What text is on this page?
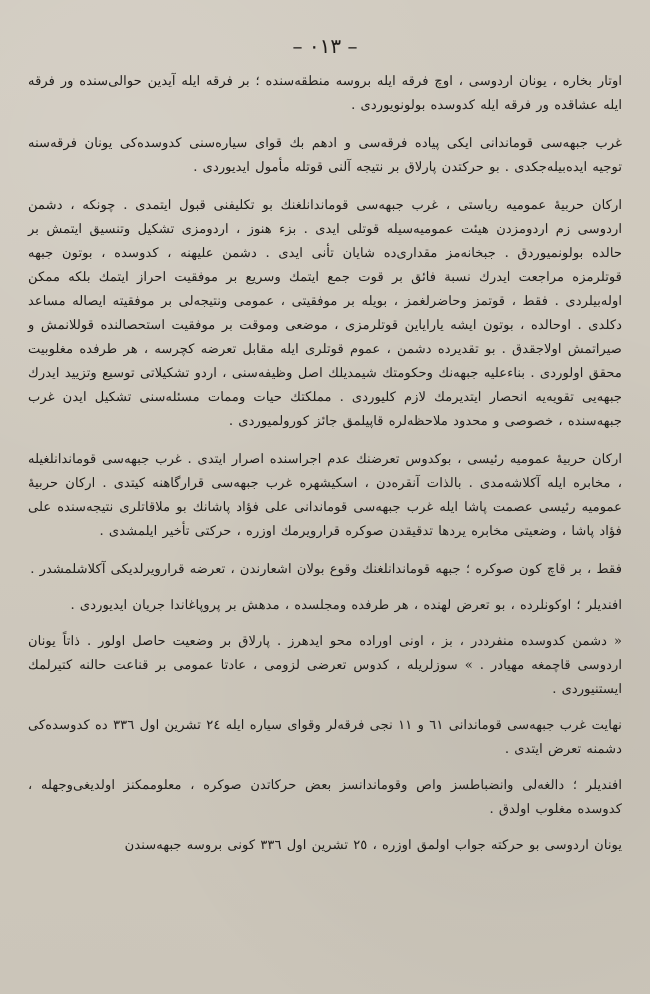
– ٣١٠ –

اوتار بخاره ، يونان اردوسى ، اوچ فرقه ايله بروسه منطقه‌سنده ؛ بر فرقه ايله آيدين حوالى‌سنده ور فرقه ايله عشاقده ور فرقه ايله كدوسده بولونويوردى .

غرب جبهه‌سى قوماندانى ايكى پياده فرقه‌سى و ادهم بك قواى سياره‌سنى كدوسده‌كى يونان فرقه‌سنه توجيه ايده‌بيله‌جكدى . بو حركتدن پارلاق بر نتيجه آلنى قوتله مأمول ايديوردى .

اركان حربيهٔ عموميه رياستى ، غرب جبهه‌سى قوماندانلغنك بو تكليفنى قبول ايتمدى . چونكه ، دشمن اردوسى زم اردومزدن هيئت عموميه‌سيله قوتلى ايدى . بزء هنوز ، اردومزى تشكيل وتنسيق ايتمش بر حالده بولونميوردق . جبخانه‌مز مقدارى‌ده شايان تأنى ايدى . دشمن عليهنه ، كدوسده ، بوتون جبهه قوتلرمزه مراجعت ايدرك نسبة فائق بر قوت جمع ايتمك وسريع بر موفقيت احراز ايتمك بلكه ممكن اوله‌بيلردى . فقط ، قوتمز وحاضرلغمز ، بويله بر موفقيتى ، عمومى ونتيجه‌لى بر موفقيته ايصاله مساعد دكلدى . اوحالده ، بوتون ايشه ياراياين قوتلرمزى ، موضعى وموقت بر موفقيت استحصالنده قوللانمش و صيراتمش اولاجقدق . بو تقديرده دشمن ، عموم قوتلرى ايله مقابل تعرضه كچرسه ، هر طرفده مغلوبيت محقق اولوردى . بناءعليه جبهه‌نك وحكومتك شيمديلك اصل وظيفه‌سنى ، اردو تشكيلاتى توسيع وتزييد ايدرك جبهه‌يى تقويه‌يه انحصار ايتديرمك لازم كليوردى . مملكتك حيات وممات مسئله‌سنى تشكيل ايدن غرب جبهه‌سنده ، خصوصى و محدود ملاحظه‌لره قاپيلمق جائز كورولميوردى .

اركان حربيهٔ عموميه رئيسى ، بوكدوس تعرضنك عدم اجراسنده اصرار ايتدى . غرب جبهه‌سى قوماندانلغيله ، مخابره ايله آكلاشه‌مدى . بالذات آنقره‌دن ، اسكيشهره غرب جبهه‌سى قرارگاهنه كيتدى . اركان حربيهٔ عموميه رئيسى عصمت پاشا ايله غرب جبهه‌سى قوماندانى على فؤاد پاشانك بو ملاقاتلرى نتيجه‌سنده على فؤاد پاشا ، وضعيتى مخابره يردها تدقيقدن صوكره قرارويرمك اوزره ، حركتى تأخير ايلمشدى .

فقط ، بر قاچ كون صوكره ؛ جبهه قوماندانلغنك وقوع بولان اشعارندن ، تعرضه قرارويرلديكى آكلاشلمشدر .

افنديلر ؛ اوكونلرده ، بو تعرض لهنده ، هر طرفده ومجلسده ، مدهش بر پروپاغاندا جريان ايديوردى .

« دشمن كدوسده منفرددر ، بز ، اونى اوراده محو ايدهرز . پارلاق بر وضعيت حاصل اولور . ذاتاً يونان اردوسى قاچمغه مهيادر . » سوزلريله ، كدوس تعرضى لزومى ، عادتا عمومى بر قناعت حالنه كتيرلمك ايستنيوردى .

نهايت غرب جبهه‌سى قوماندانى ٦١ و ١١ نجى فرقه‌لر وقواى سياره ايله ٢٤ تشرين اول ٣٣٦ ده كدوسده‌كى دشمنه تعرض ايتدى .

افنديلر ؛ دالغه‌لى وانضباطسز واص وقوماندانسز بعض حركاتدن صوكره ، معلوممكنز اولديغى‌وجهله ، كدوسده مغلوب اولدق .

يونان اردوسى بو حركته جواب اولمق اوزره ، ٢٥ تشرين اول ٣٣٦ كونى بروسه جبهه‌سندن
